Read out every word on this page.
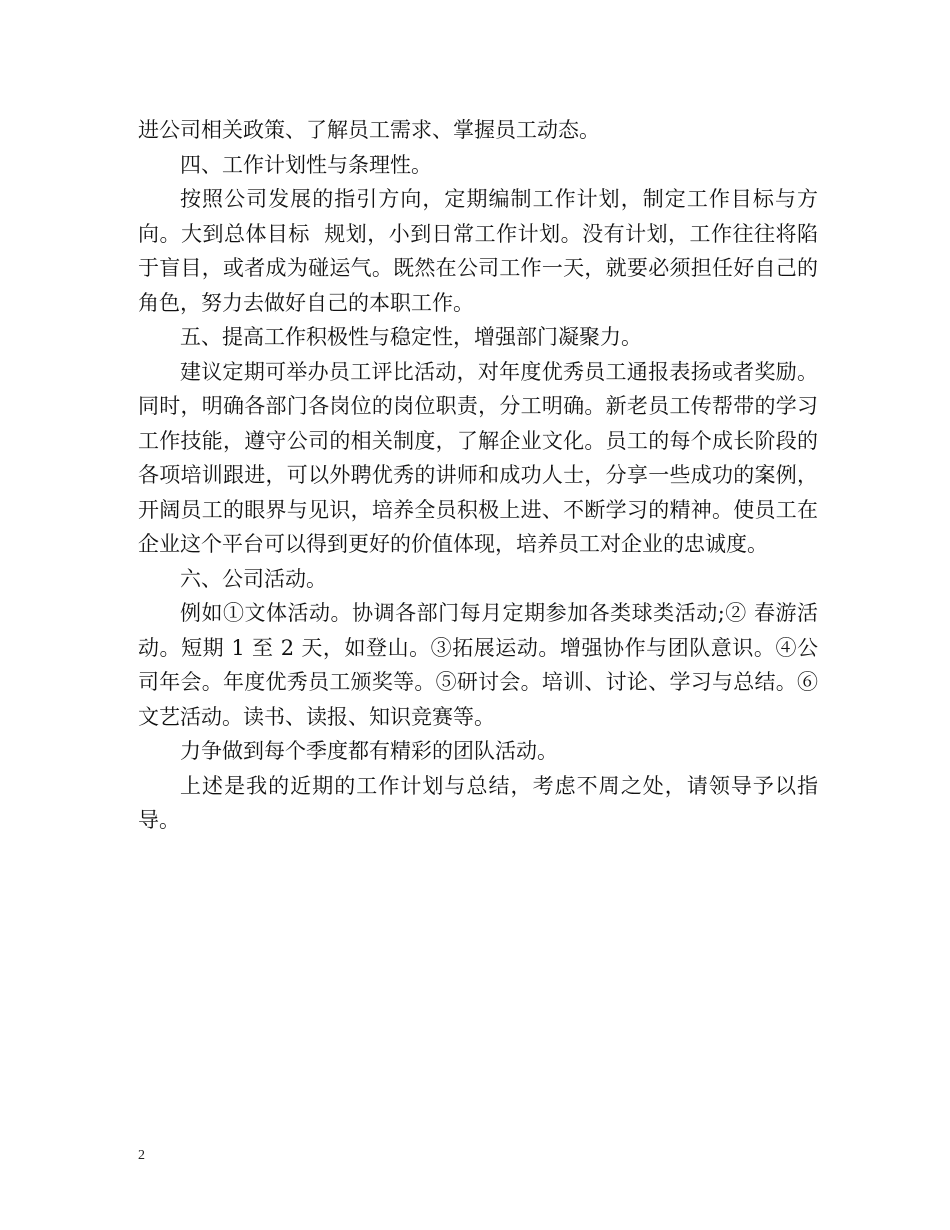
进公司相关政策、了解员工需求、掌握员工动态。

四、工作计划性与条理性。

按照公司发展的指引方向，定期编制工作计划，制定工作目标与方向。大到总体目标  规划，小到日常工作计划。没有计划，工作往往将陷于盲目，或者成为碰运气。既然在公司工作一天，就要必须担任好自己的角色，努力去做好自己的本职工作。

五、提高工作积极性与稳定性，增强部门凝聚力。

建议定期可举办员工评比活动，对年度优秀员工通报表扬或者奖励。同时，明确各部门各岗位的岗位职责，分工明确。新老员工传帮带的学习工作技能，遵守公司的相关制度，了解企业文化。员工的每个成长阶段的各项培训跟进，可以外聘优秀的讲师和成功人士，分享一些成功的案例，开阔员工的眼界与见识，培养全员积极上进、不断学习的精神。使员工在企业这个平台可以得到更好的价值体现，培养员工对企业的忠诚度。

六、公司活动。

例如①文体活动。协调各部门每月定期参加各类球类活动;② 春游活动。短期 1 至 2 天，如登山。③拓展运动。增强协作与团队意识。④公司年会。年度优秀员工颁奖等。⑤研讨会。培训、讨论、学习与总结。⑥文艺活动。读书、读报、知识竞赛等。

力争做到每个季度都有精彩的团队活动。

上述是我的近期的工作计划与总结，考虑不周之处，请领导予以指导。

2
